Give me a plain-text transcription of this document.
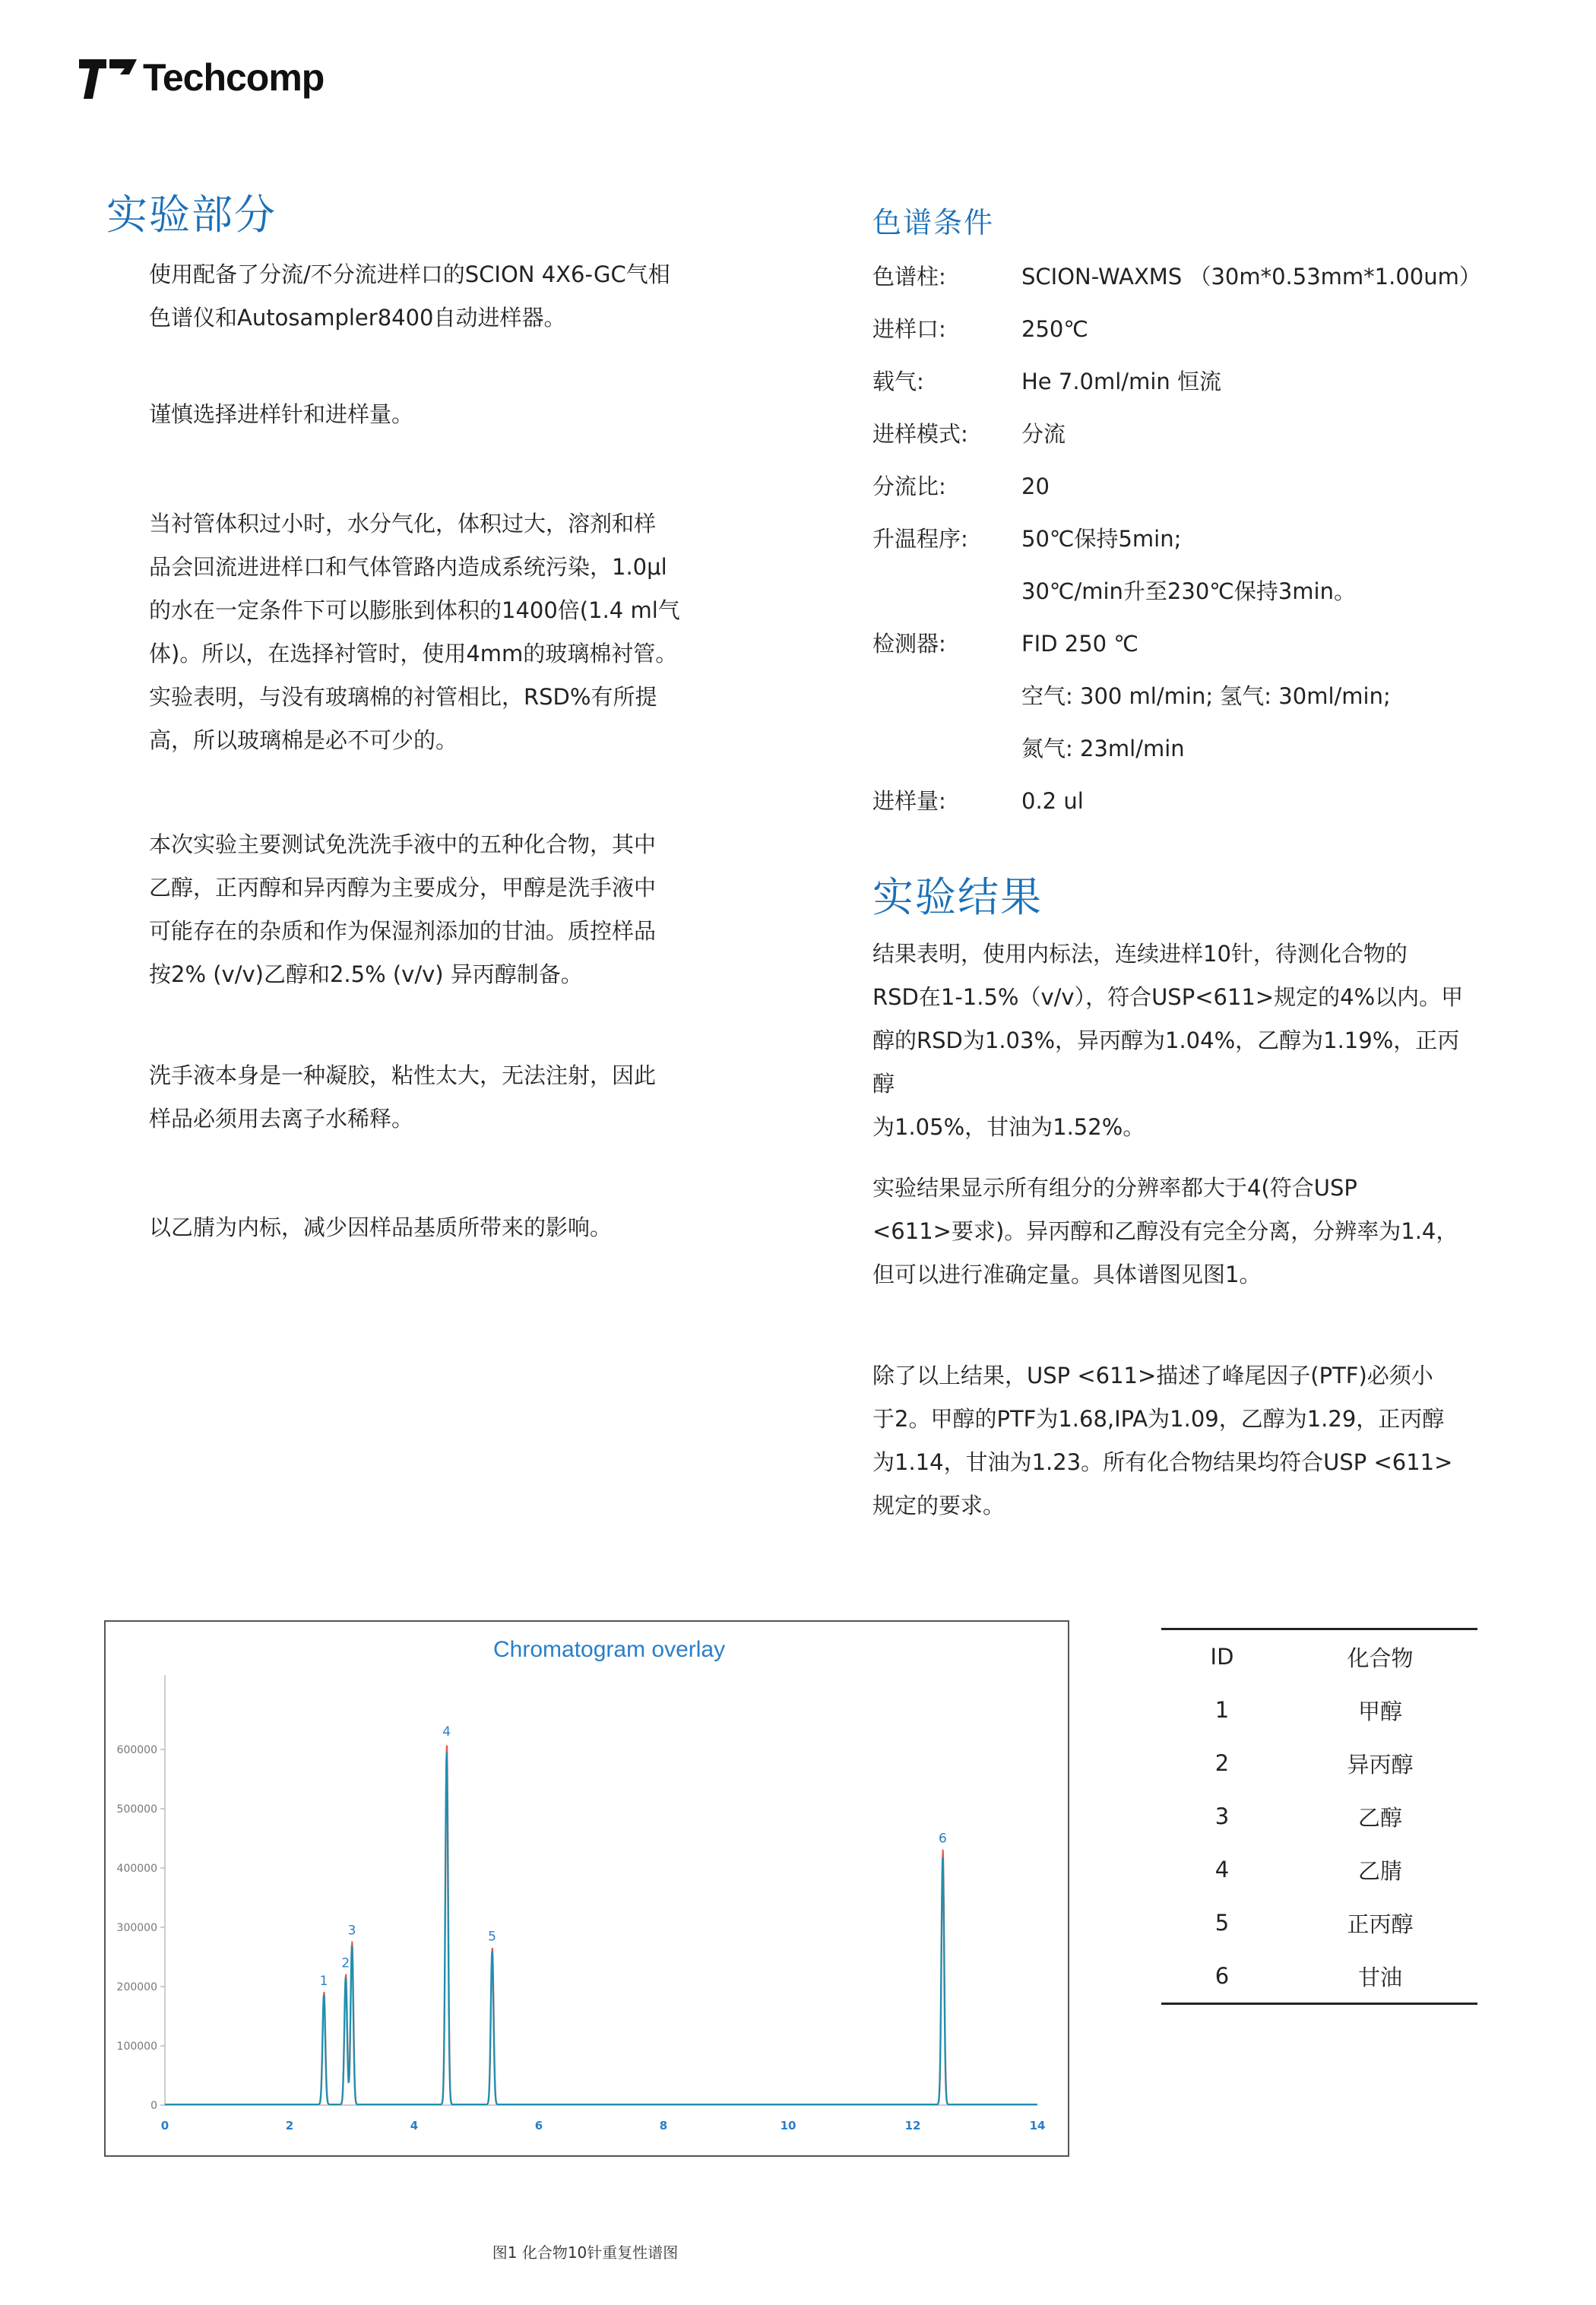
Techcomp
实验部分
使用配备了分流/不分流进样口的SCION 4X6-GC气相
色谱仪和Autosampler8400自动进样器。
谨慎选择进样针和进样量。
当衬管体积过小时，水分气化，体积过大，溶剂和样
品会回流进进样口和气体管路内造成系统污染，1.0μl
的水在一定条件下可以膨胀到体积的1400倍(1.4 ml气
体)。所以，在选择衬管时，使用4mm的玻璃棉衬管。
实验表明，与没有玻璃棉的衬管相比，RSD%有所提
高，所以玻璃棉是必不可少的。
本次实验主要测试免洗洗手液中的五种化合物，其中
乙醇，正丙醇和异丙醇为主要成分，甲醇是洗手液中
可能存在的杂质和作为保湿剂添加的甘油。质控样品
按2% (v/v)乙醇和2.5% (v/v) 异丙醇制备。
洗手液本身是一种凝胶，粘性太大，无法注射，因此
样品必须用去离子水稀释。
以乙腈为内标，减少因样品基质所带来的影响。
色谱条件
色谱柱:	SCION-WAXMS （30m*0.53mm*1.00um）
进样口:	250℃
载气:	He 7.0ml/min 恒流
进样模式: 分流
分流比:	20
升温程序: 50℃保持5min;
30℃/min升至230℃保持3min。
检测器:	FID 250 ℃
空气: 300 ml/min; 氢气: 30ml/min;
氮气: 23ml/min
进样量:	0.2 ul
实验结果
结果表明，使用内标法，连续进样10针，待测化合物的
RSD在1-1.5%（v/v），符合USP<611>规定的4%以内。甲
醇的RSD为1.03%，异丙醇为1.04%，乙醇为1.19%，正丙醇
为1.05%，甘油为1.52%。
实验结果显示所有组分的分辨率都大于4(符合USP
<611>要求)。异丙醇和乙醇没有完全分离，分辨率为1.4，
但可以进行准确定量。具体谱图见图1。
除了以上结果，USP <611>描述了峰尾因子(PTF)必须小
于2。甲醇的PTF为1.68,IPA为1.09，乙醇为1.29，正丙醇
为1.14，甘油为1.23。所有化合物结果均符合USP <611>
规定的要求。
Chromatogram overlay
0
100000
200000
300000
400000
500000
600000
0	2	4	6	8	10	12	14
1
2
3
4
5
6
ID	化合物
1	甲醇
2	异丙醇
3	乙醇
4	乙腈
5	正丙醇
6	甘油
图1 化合物10针重复性谱图
